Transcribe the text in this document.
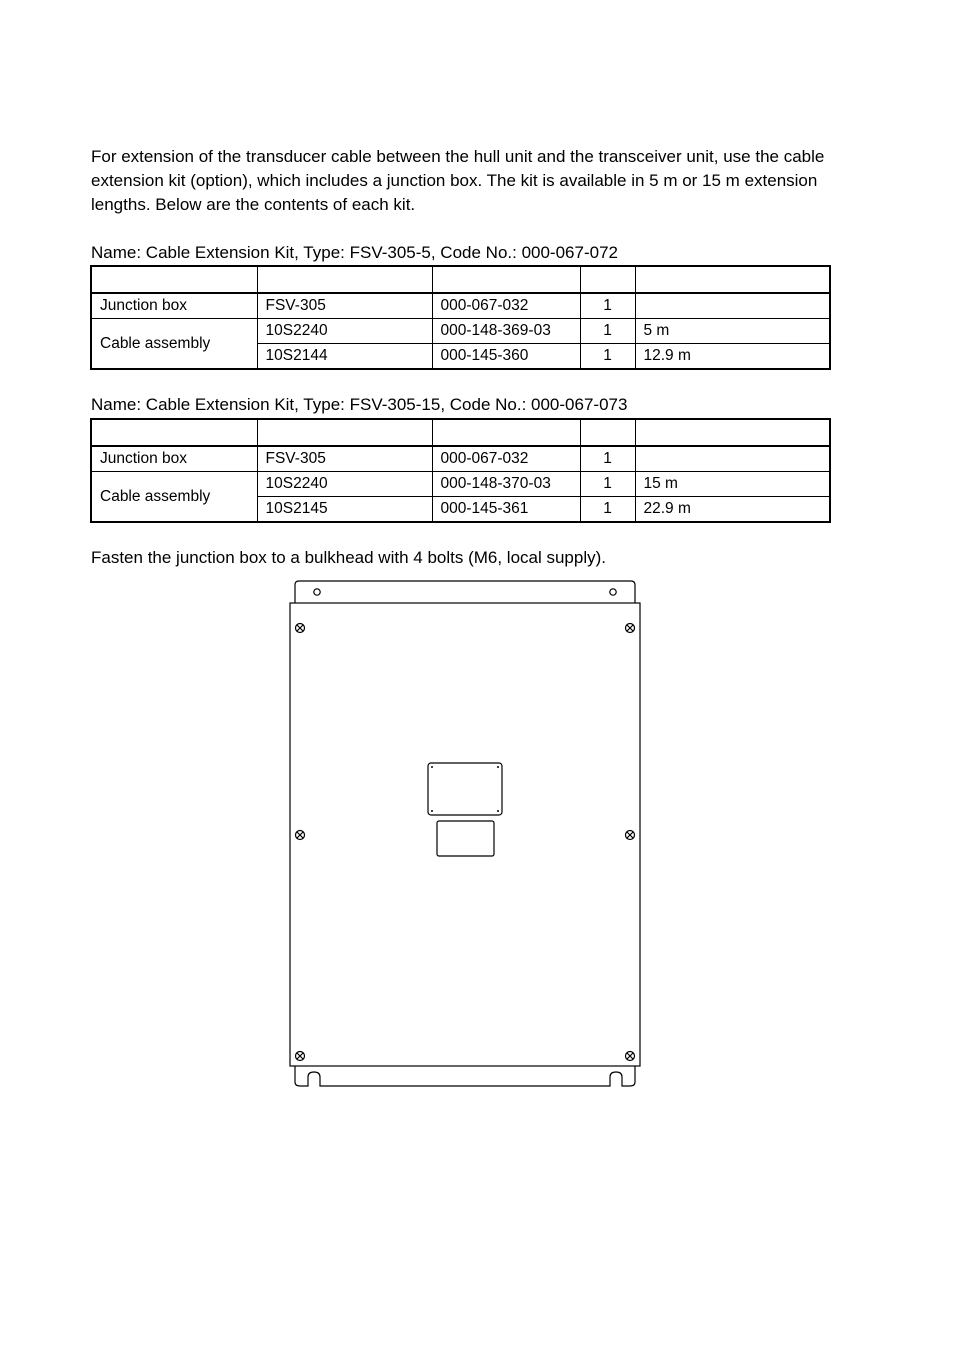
For extension of the transducer cable between the hull unit and the transceiver unit, use the cable extension kit (option), which includes a junction box. The kit is available in 5 m or 15 m extension lengths. Below are the contents of each kit.

Name: Cable Extension Kit, Type: FSV-305-5, Code No.: 000-067-072

Junction box	FSV-305	000-067-032	1	
Cable assembly	10S2240	000-148-369-03	1	5 m
	10S2144	000-145-360	1	12.9 m

Name: Cable Extension Kit, Type: FSV-305-15, Code No.: 000-067-073

Junction box	FSV-305	000-067-032	1	
Cable assembly	10S2240	000-148-370-03	1	15 m
	10S2145	000-145-361	1	22.9 m

Fasten the junction box to a bulkhead with 4 bolts (M6, local supply).
